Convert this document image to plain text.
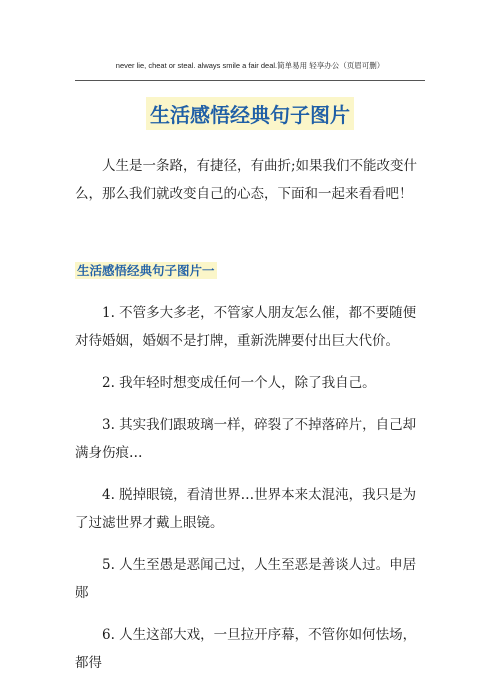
never lie, cheat or steal. always smile a fair deal.简单易用 轻享办公（页眉可删）
生活感悟经典句子图片

人生是一条路，有捷径，有曲折;如果我们不能改变什么，那么我们就改变自己的心态，下面和一起来看看吧！

生活感悟经典句子图片一

1. 不管多大多老，不管家人朋友怎么催，都不要随便对待婚姻，婚姻不是打牌，重新洗牌要付出巨大代价。

2. 我年轻时想变成任何一个人，除了我自己。

3. 其实我们跟玻璃一样，碎裂了不掉落碎片，自己却满身伤痕…

4. 脱掉眼镜，看清世界…世界本来太混沌，我只是为了过滤世界才戴上眼镜。

5. 人生至愚是恶闻己过，人生至恶是善谈人过。申居郧

6. 人生这部大戏，一旦拉开序幕，不管你如何怯场，都得
